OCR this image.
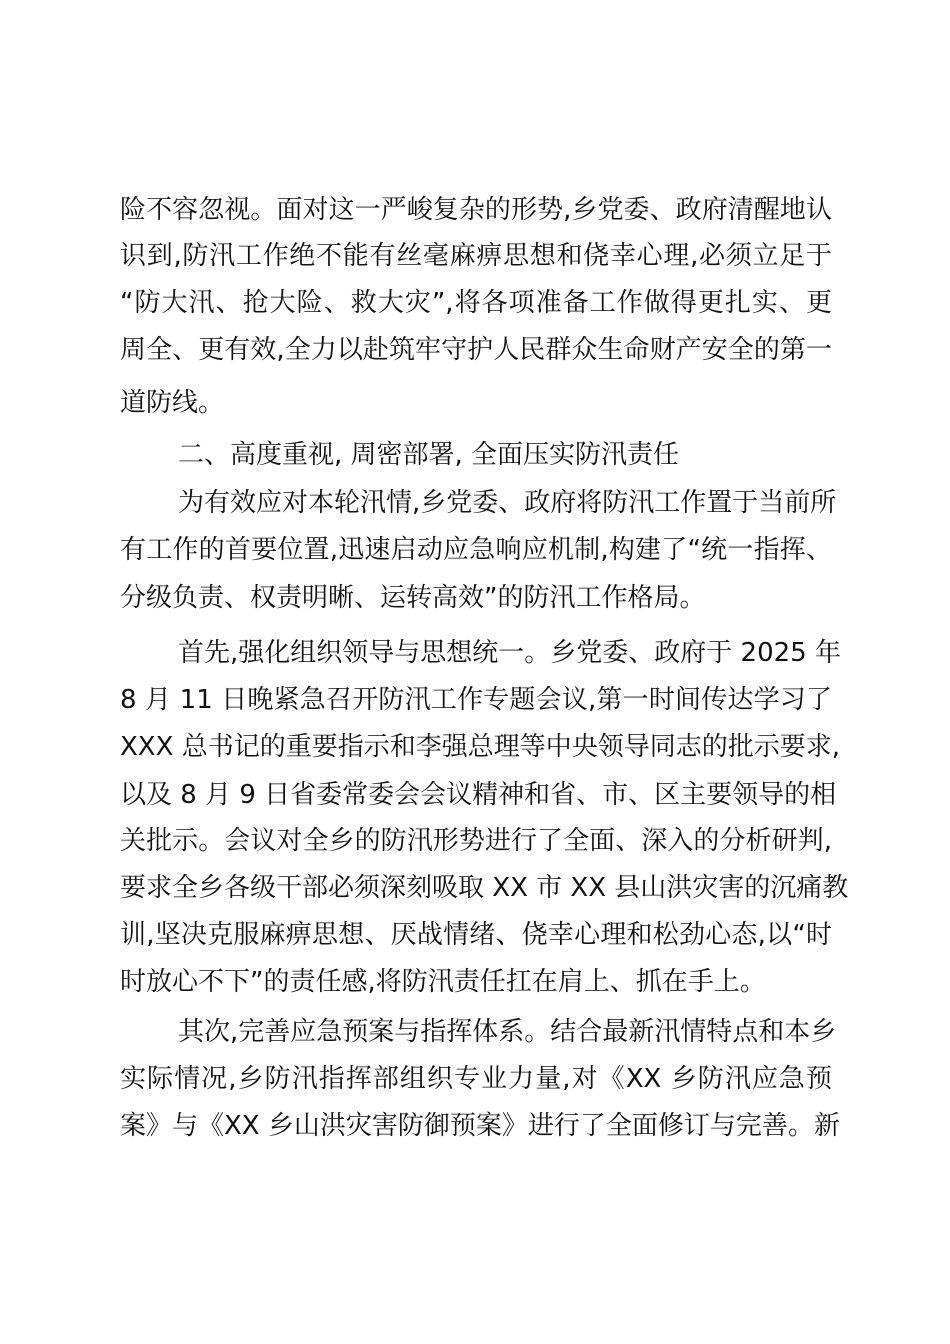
险不容忽视。面对这一严峻复杂的形势,乡党委、政府清醒地认
识到,防汛工作绝不能有丝毫麻痹思想和侥幸心理,必须立足于
“防大汛、抢大险、救大灾”,将各项准备工作做得更扎实、更
周全、更有效,全力以赴筑牢守护人民群众生命财产安全的第一
道防线。
二、高度重视, 周密部署, 全面压实防汛责任
为有效应对本轮汛情,乡党委、政府将防汛工作置于当前所
有工作的首要位置,迅速启动应急响应机制,构建了“统一指挥、
分级负责、权责明晰、运转高效”的防汛工作格局。
首先,强化组织领导与思想统一。乡党委、政府于 2025 年
8 月 11 日晚紧急召开防汛工作专题会议,第一时间传达学习了
XXX 总书记的重要指示和李强总理等中央领导同志的批示要求,
以及 8 月 9 日省委常委会会议精神和省、市、区主要领导的相
关批示。会议对全乡的防汛形势进行了全面、深入的分析研判,
要求全乡各级干部必须深刻吸取 XX 市 XX 县山洪灾害的沉痛教
训,坚决克服麻痹思想、厌战情绪、侥幸心理和松劲心态,以“时
时放心不下”的责任感,将防汛责任扛在肩上、抓在手上。
其次,完善应急预案与指挥体系。结合最新汛情特点和本乡
实际情况,乡防汛指挥部组织专业力量,对《XX 乡防汛应急预
案》与《XX 乡山洪灾害防御预案》进行了全面修订与完善。新
